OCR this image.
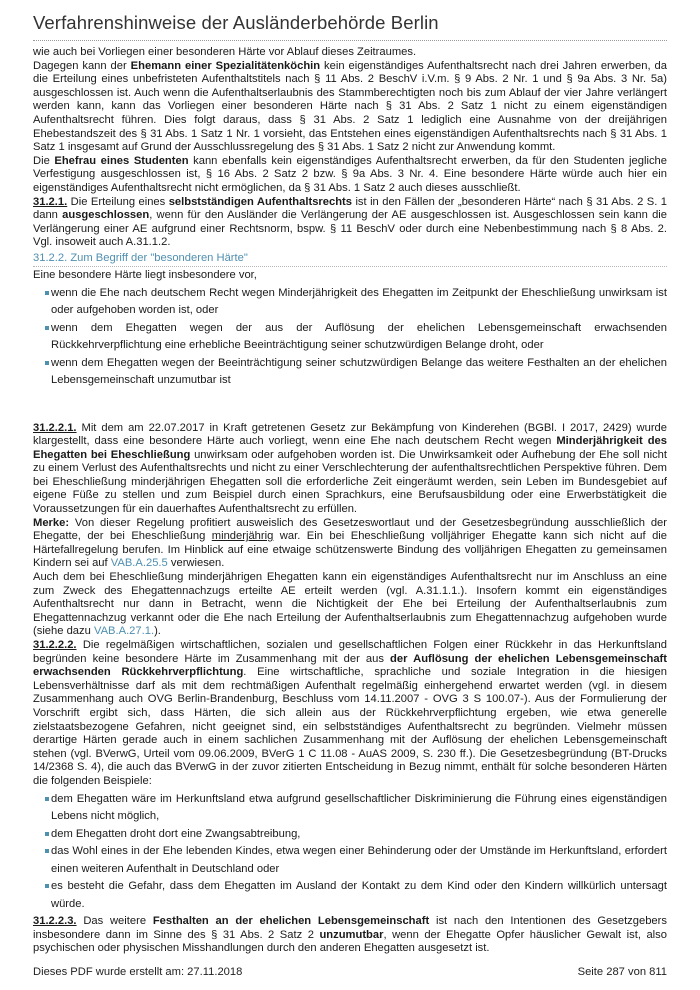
Verfahrenshinweise der Ausländerbehörde Berlin

wie auch bei Vorliegen einer besonderen Härte vor Ablauf dieses Zeitraumes.

Dagegen kann der Ehemann einer Spezialitätenköchin kein eigenständiges Aufenthaltsrecht nach drei Jahren erwerben, da die Erteilung eines unbefristeten Aufenthaltstitels nach § 11 Abs. 2 BeschV i.V.m. § 9 Abs. 2 Nr. 1 und § 9a Abs. 3 Nr. 5a) ausgeschlossen ist. Auch wenn die Aufenthaltserlaubnis des Stammberechtigten noch bis zum Ablauf der vier Jahre verlängert werden kann, kann das Vorliegen einer besonderen Härte nach § 31 Abs. 2 Satz 1 nicht zu einem eigenständigen Aufenthaltsrecht führen. Dies folgt daraus, dass § 31 Abs. 2 Satz 1 lediglich eine Ausnahme von der dreijährigen Ehebestandszeit des § 31 Abs. 1 Satz 1 Nr. 1 vorsieht, das Entstehen eines eigenständigen Aufenthaltsrechts nach § 31 Abs. 1 Satz 1 insgesamt auf Grund der Ausschlussregelung des § 31 Abs. 1 Satz 2 nicht zur Anwendung kommt.

Die Ehefrau eines Studenten kann ebenfalls kein eigenständiges Aufenthaltsrecht erwerben, da für den Studenten jegliche Verfestigung ausgeschlossen ist, § 16 Abs. 2 Satz 2 bzw. § 9a Abs. 3 Nr. 4. Eine besondere Härte würde auch hier ein eigenständiges Aufenthaltsrecht nicht ermöglichen, da § 31 Abs. 1 Satz 2 auch dieses ausschließt.

31.2.1. Die Erteilung eines selbstständigen Aufenthaltsrechts ist in den Fällen der „besonderen Härte“ nach § 31 Abs. 2 S. 1 dann ausgeschlossen, wenn für den Ausländer die Verlängerung der AE ausgeschlossen ist. Ausgeschlossen sein kann die Verlängerung einer AE aufgrund einer Rechtsnorm, bspw. § 11 BeschV oder durch eine Nebenbestimmung nach § 8 Abs. 2. Vgl. insoweit auch A.31.1.2.

31.2.2. Zum Begriff der "besonderen Härte"

Eine besondere Härte liegt insbesondere vor,

wenn die Ehe nach deutschem Recht wegen Minderjährigkeit des Ehegatten im Zeitpunkt der Eheschließung unwirksam ist oder aufgehoben worden ist, oder
wenn dem Ehegatten wegen der aus der Auflösung der ehelichen Lebensgemeinschaft erwachsenden Rückkehrverpflichtung eine erhebliche Beeinträchtigung seiner schutzwürdigen Belange droht, oder
wenn dem Ehegatten wegen der Beeinträchtigung seiner schutzwürdigen Belange das weitere Festhalten an der ehelichen Lebensgemeinschaft unzumutbar ist

31.2.2.1. Mit dem am 22.07.2017 in Kraft getretenen Gesetz zur Bekämpfung von Kinderehen (BGBl. I 2017, 2429) wurde klargestellt, dass eine besondere Härte auch vorliegt, wenn eine Ehe nach deutschem Recht wegen Minderjährigkeit des Ehegatten bei Eheschließung unwirksam oder aufgehoben worden ist. Die Unwirksamkeit oder Aufhebung der Ehe soll nicht zu einem Verlust des Aufenthaltsrechts und nicht zu einer Verschlechterung der aufenthaltsrechtlichen Perspektive führen. Dem bei Eheschließung minderjährigen Ehegatten soll die erforderliche Zeit eingeräumt werden, sein Leben im Bundesgebiet auf eigene Füße zu stellen und zum Beispiel durch einen Sprachkurs, eine Berufsausbildung oder eine Erwerbstätigkeit die Voraussetzungen für ein dauerhaftes Aufenthaltsrecht zu erfüllen.

Merke: Von dieser Regelung profitiert ausweislich des Gesetzeswortlaut und der Gesetzesbegründung ausschließlich der Ehegatte, der bei Eheschließung minderjährig war. Ein bei Eheschließung volljähriger Ehegatte kann sich nicht auf die Härtefallregelung berufen. Im Hinblick auf eine etwaige schützenswerte Bindung des volljährigen Ehegatten zu gemeinsamen Kindern sei auf VAB.A.25.5 verwiesen.

Auch dem bei Eheschließung minderjährigen Ehegatten kann ein eigenständiges Aufenthaltsrecht nur im Anschluss an eine zum Zweck des Ehegattennachzugs erteilte AE erteilt werden (vgl. A.31.1.1.). Insofern kommt ein eigenständiges Aufenthaltsrecht nur dann in Betracht, wenn die Nichtigkeit der Ehe bei Erteilung der Aufenthaltserlaubnis zum Ehegattennachzug verkannt oder die Ehe nach Erteilung der Aufenthaltserlaubnis zum Ehegattennachzug aufgehoben wurde (siehe dazu VAB.A.27.1.).

31.2.2.2. Die regelmäßigen wirtschaftlichen, sozialen und gesellschaftlichen Folgen einer Rückkehr in das Herkunftsland begründen keine besondere Härte im Zusammenhang mit der aus der Auflösung der ehelichen Lebensgemeinschaft erwachsenden Rückkehrverpflichtung. Eine wirtschaftliche, sprachliche und soziale Integration in die hiesigen Lebensverhältnisse darf als mit dem rechtmäßigen Aufenthalt regelmäßig einhergehend erwartet werden (vgl. in diesem Zusammenhang auch OVG Berlin-Brandenburg, Beschluss vom 14.11.2007 - OVG 3 S 100.07-). Aus der Formulierung der Vorschrift ergibt sich, dass Härten, die sich allein aus der Rückkehrverpflichtung ergeben, wie etwa generelle zielstaatsbezogene Gefahren, nicht geeignet sind, ein selbstständiges Aufenthaltsrecht zu begründen. Vielmehr müssen derartige Härten gerade auch in einem sachlichen Zusammenhang mit der Auflösung der ehelichen Lebensgemeinschaft stehen (vgl. BVerwG, Urteil vom 09.06.2009, BVerG 1 C 11.08 - AuAS 2009, S. 230 ff.). Die Gesetzesbegründung (BT-Drucks 14/2368 S. 4), die auch das BVerwG in der zuvor zitierten Entscheidung in Bezug nimmt, enthält für solche besonderen Härten die folgenden Beispiele:

dem Ehegatten wäre im Herkunftsland etwa aufgrund gesellschaftlicher Diskriminierung die Führung eines eigenständigen Lebens nicht möglich,
dem Ehegatten droht dort eine Zwangsabtreibung,
das Wohl eines in der Ehe lebenden Kindes, etwa wegen einer Behinderung oder der Umstände im Herkunftsland, erfordert einen weiteren Aufenthalt in Deutschland oder
es besteht die Gefahr, dass dem Ehegatten im Ausland der Kontakt zu dem Kind oder den Kindern willkürlich untersagt würde.

31.2.2.3. Das weitere Festhalten an der ehelichen Lebensgemeinschaft ist nach den Intentionen des Gesetzgebers insbesondere dann im Sinne des § 31 Abs. 2 Satz 2 unzumutbar, wenn der Ehegatte Opfer häuslicher Gewalt ist, also psychischen oder physischen Misshandlungen durch den anderen Ehegatten ausgesetzt ist.

Dieses PDF wurde erstellt am: 27.11.2018	Seite 287 von 811
